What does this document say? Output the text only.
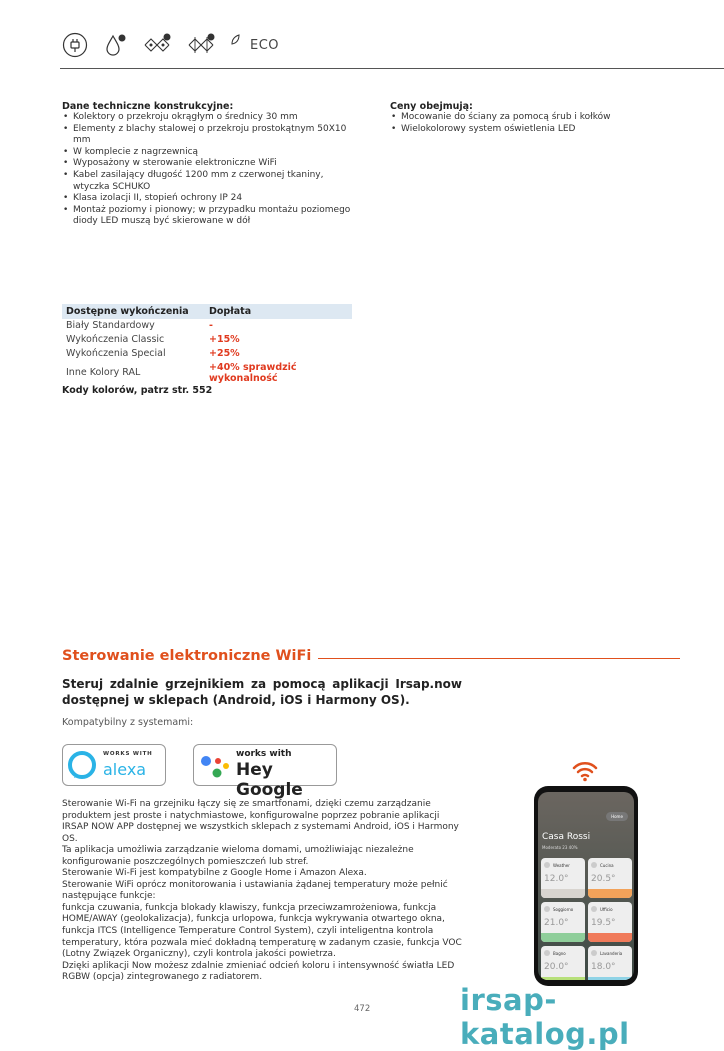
ECO
Dane techniczne konstrukcyjne:
• Kolektory o przekroju okrągłym o średnicy 30 mm
• Elementy z blachy stalowej o przekroju prostokątnym 50X10 mm
• W komplecie z nagrzewnicą
• Wyposażony w sterowanie elektroniczne WiFi
• Kabel zasilający długość 1200 mm z czerwonej tkaniny, wtyczka SCHUKO
• Klasa izolacji II, stopień ochrony IP 24
• Montaż poziomy i pionowy; w przypadku montażu poziomego diody LED muszą być skierowane w dół
Ceny obejmują:
• Mocowanie do ściany za pomocą śrub i kołków
• Wielokolorowy system oświetlenia LED
Dostępne wykończenia	Dopłata
Biały Standardowy	-
Wykończenia Classic	+15%
Wykończenia Special	+25%
Inne Kolory RAL	+40% sprawdzić wykonalność
Kody kolorów, patrz str. 552
Sterowanie elektroniczne WiFi
Steruj zdalnie grzejnikiem za pomocą aplikacji Irsap.now dostępnej w sklepach (Android, iOS i Harmony OS).
Kompatybilny z systemami:
WORKS WITH
alexa
works with
Hey Google

Sterowanie Wi-Fi na grzejniku łączy się ze smartfonami, dzięki czemu zarządzanie produktem jest proste i natychmiastowe, konfigurowalne poprzez pobranie aplikacji IRSAP NOW APP dostępnej we wszystkich sklepach z systemami Android, iOS i Harmony OS.

Ta aplikacja umożliwia zarządzanie wieloma domami, umożliwiając niezależne konfigurowanie poszczególnych pomieszczeń lub stref.

Sterowanie Wi-Fi jest kompatybilne z Google Home i Amazon Alexa.

Sterowanie WiFi oprócz monitorowania i ustawiania żądanej temperatury może pełnić następujące funkcje:

funkcja czuwania, funkcja blokady klawiszy, funkcja przeciwzamrożeniowa, funkcja HOME/AWAY (geolokalizacja), funkcja urlopowa, funkcja wykrywania otwartego okna, funkcja ITCS (Intelligence Temperature Control System), czyli inteligentna kontrola temperatury, która pozwala mieć dokładną temperaturę w zadanym czasie, funkcja VOC (Lotny Związek Organiczny), czyli kontrola jakości powietrza.

Dzięki aplikacji Now możesz zdalnie zmieniać odcień koloru i intensywność światła LED RGBW (opcja) zintegrowanego z radiatorem.

Home
Casa Rossi
Moderato 23 40%
Weather
12.0°
Cucina
20.5°
Soggiorno
21.0°
Ufficio
19.5°
Bagno
20.0°
Lavanderia
18.0°
irsap-katalog.pl
472
